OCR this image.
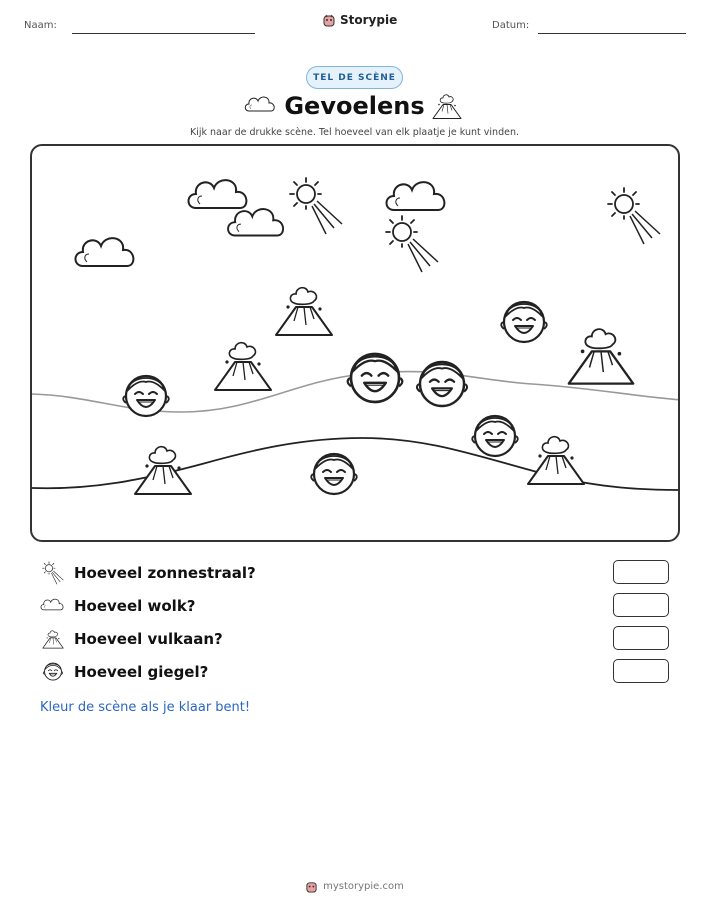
Naam:	Storypie	Datum:
TEL DE SCÈNE
Gevoelens
Kijk naar de drukke scène. Tel hoeveel van elk plaatje je kunt vinden.
Hoeveel zonnestraal?
Hoeveel wolk?
Hoeveel vulkaan?
Hoeveel giegel?
Kleur de scène als je klaar bent!
mystorypie.com
